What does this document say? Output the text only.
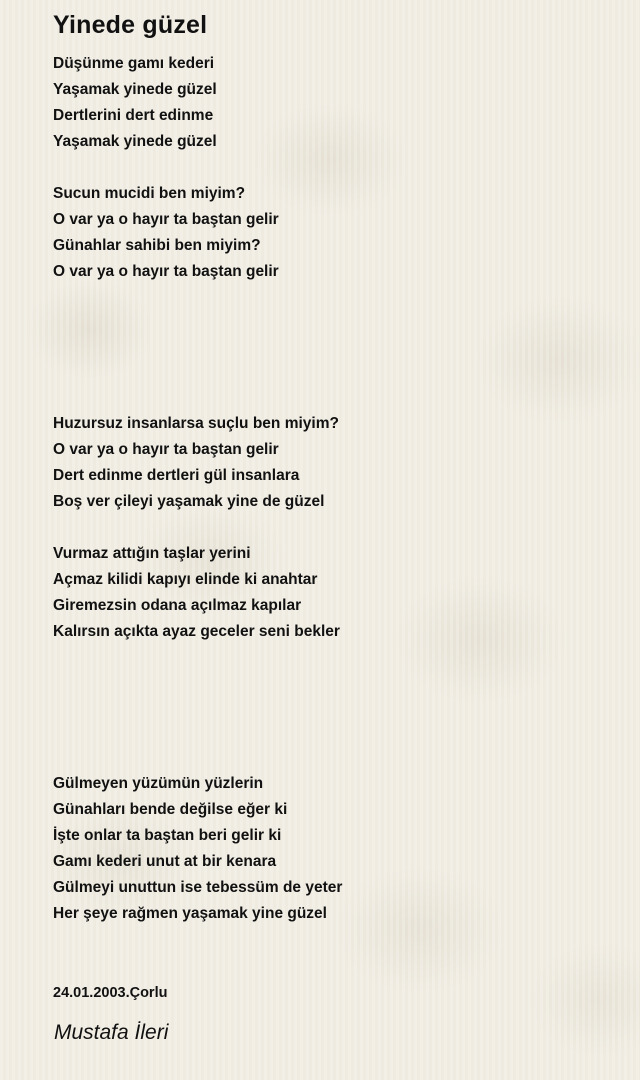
Yinede güzel
Düşünme gamı kederi
Yaşamak yinede güzel
Dertlerini dert edinme
Yaşamak yinede güzel
Sucun mucidi ben miyim?
O var ya o hayır ta baştan gelir
Günahlar sahibi ben miyim?
O var ya o hayır ta baştan gelir
Huzursuz insanlarsa suçlu ben miyim?
O var ya o hayır ta baştan gelir
Dert edinme dertleri gül insanlara
Boş ver çileyi yaşamak yine de güzel
Vurmaz attığın taşlar yerini
Açmaz kilidi kapıyı elinde ki anahtar
Giremezsin odana açılmaz kapılar
Kalırsın açıkta ayaz geceler seni bekler
Gülmeyen yüzümün yüzlerin
Günahları bende değilse eğer ki
İşte onlar ta baştan beri gelir ki
Gamı kederi unut at bir kenara
Gülmeyi unuttun ise tebessüm de yeter
Her şeye rağmen yaşamak yine güzel
24.01.2003.Çorlu
Mustafa İleri
